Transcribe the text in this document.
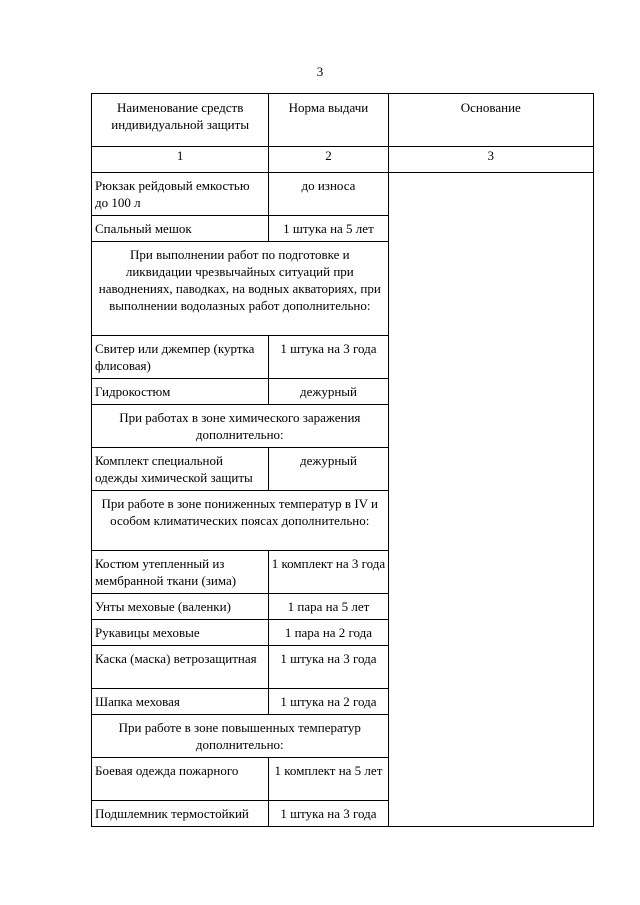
3
Наименование средств индивидуальной защиты	Норма выдачи	Основание
1	2	3
Рюкзак рейдовый емкостью до 100 л	до износа	
Спальный мешок	1 штука на 5 лет	
При выполнении работ по подготовке и ликвидации чрезвычайных ситуаций при наводнениях, паводках, на водных акваториях, при выполнении водолазных работ дополнительно:		
Свитер или джемпер (куртка флисовая)	1 штука на 3 года	
Гидрокостюм	дежурный	
При работах в зоне химического заражения дополнительно:		
Комплект специальной одежды химической защиты	дежурный	
При работе в зоне пониженных температур в IV и особом климатических поясах дополнительно:		
Костюм утепленный из мембранной ткани (зима)	1 комплект на 3 года	
Унты меховые (валенки)	1 пара на 5 лет	
Рукавицы меховые	1 пара на 2 года	
Каска (маска) ветрозащитная	1 штука на 3 года	
Шапка меховая	1 штука на 2 года	
При работе в зоне повышенных температур дополнительно:		
Боевая одежда пожарного	1 комплект на 5 лет	
Подшлемник термостойкий	1 штука на 3 года	
